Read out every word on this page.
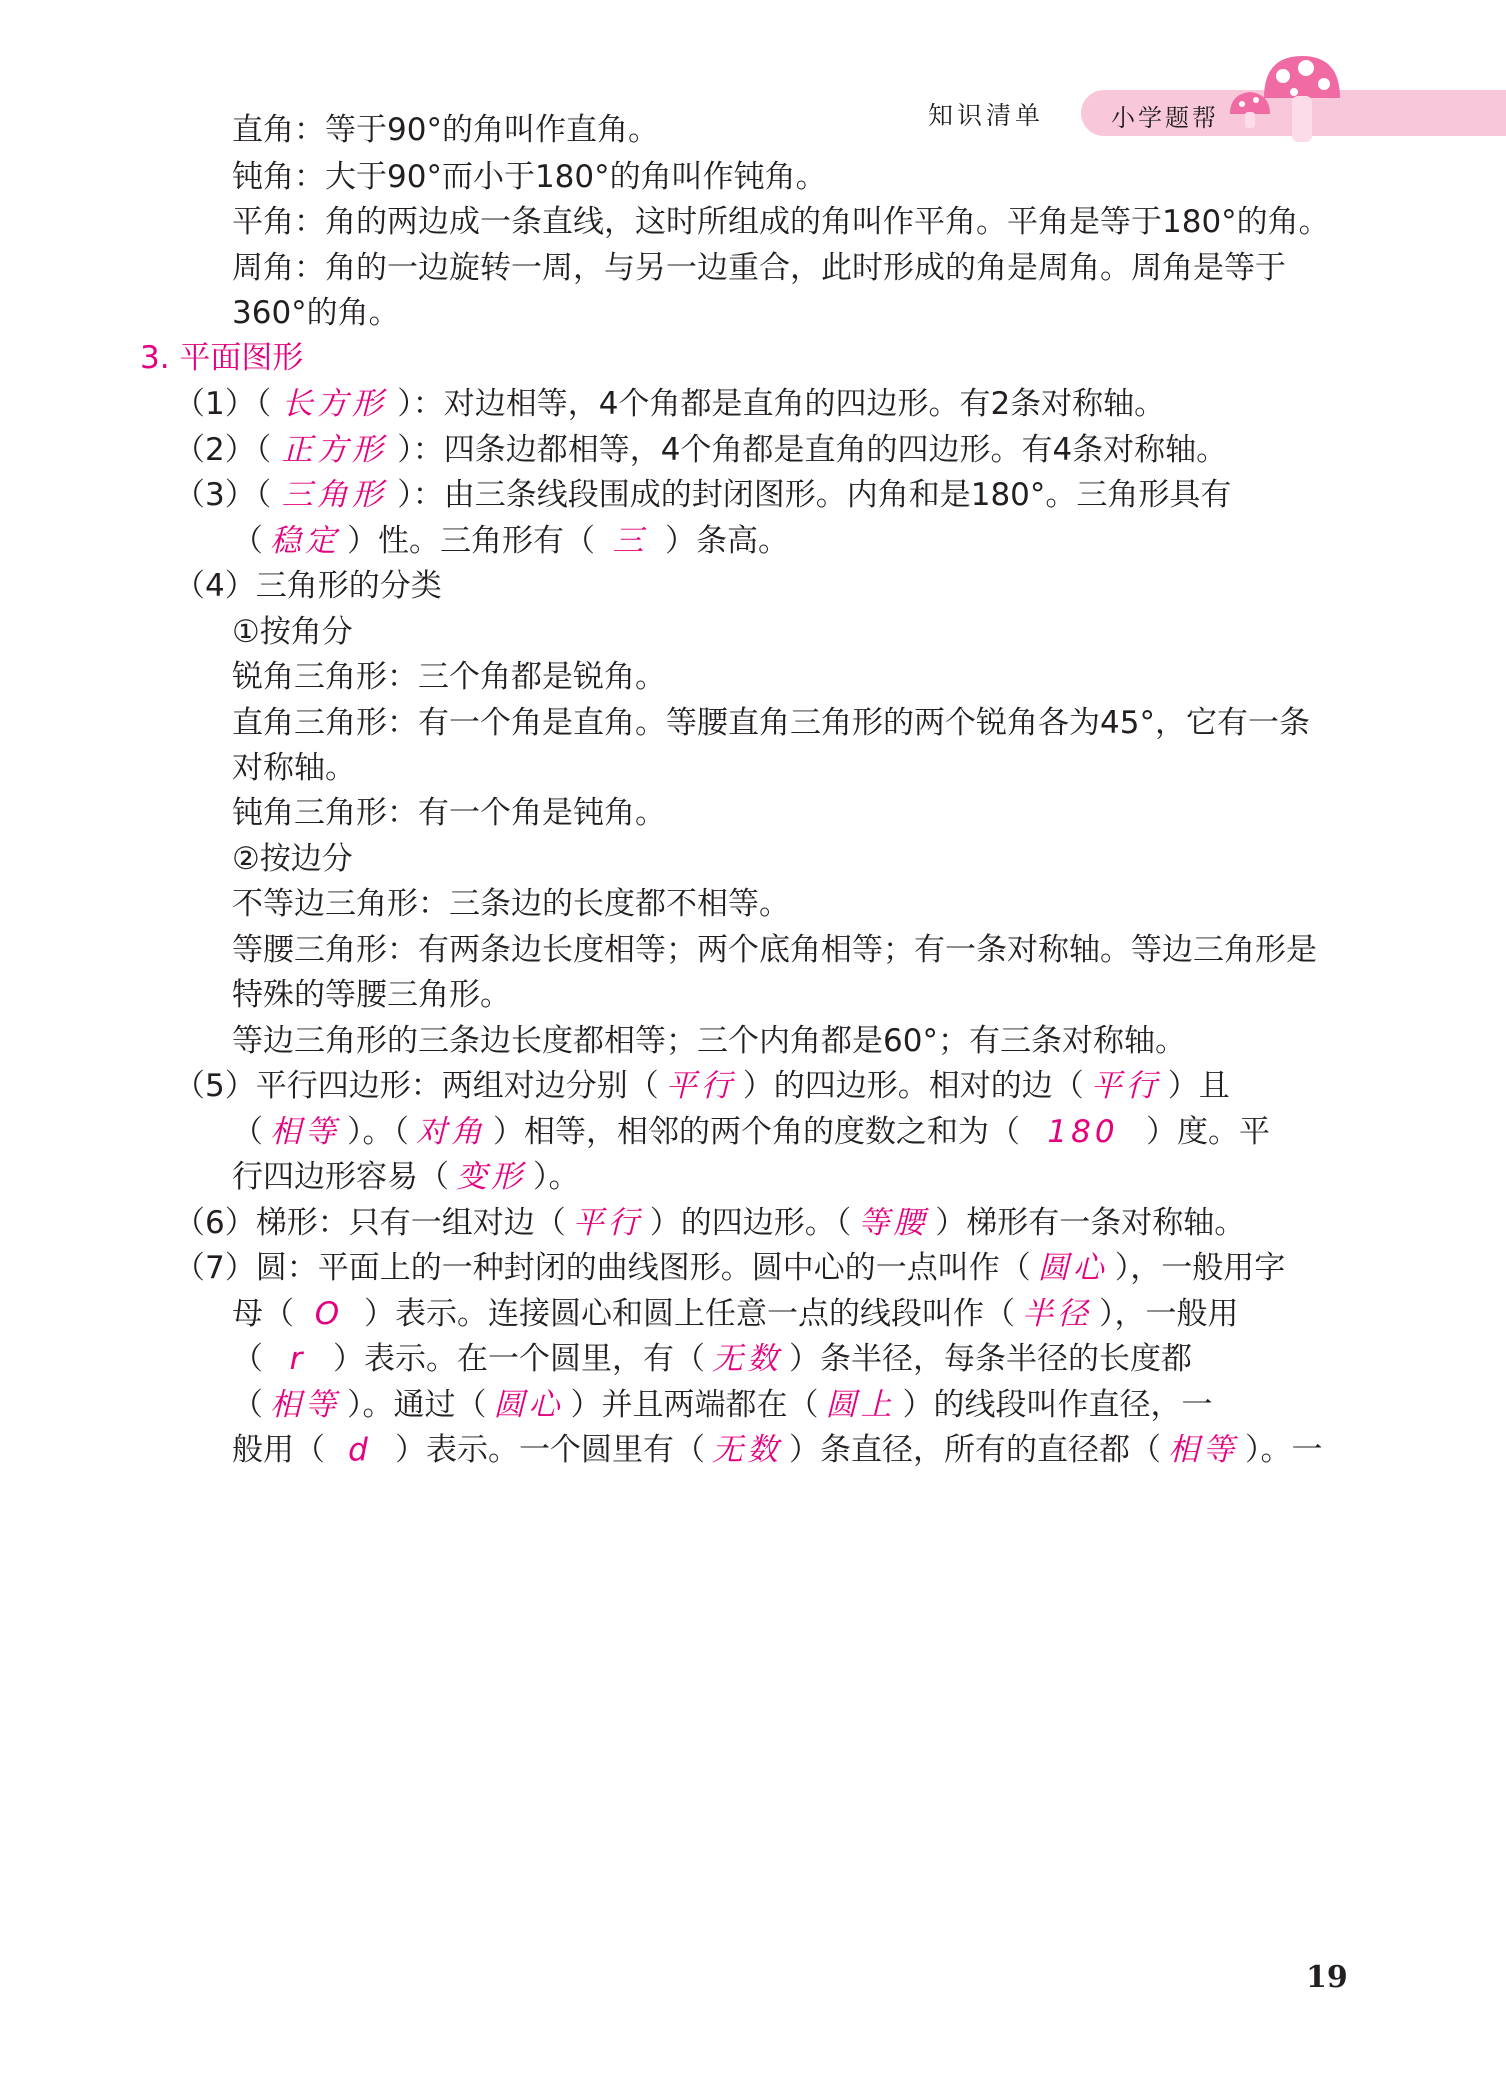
知识清单	小学题帮
直角：等于90°的角叫作直角。
钝角：大于90°而小于180°的角叫作钝角。
平角：角的两边成一条直线，这时所组成的角叫作平角。平角是等于180°的角。
周角：角的一边旋转一周，与另一边重合，此时形成的角是周角。周角是等于
360°的角。
3. 平面图形
（1）（ 长方形 ）：对边相等，4个角都是直角的四边形。有2条对称轴。
（2）（ 正方形 ）：四条边都相等，4个角都是直角的四边形。有4条对称轴。
（3）（ 三角形 ）：由三条线段围成的封闭图形。内角和是180°。三角形具有
（ 稳定 ）性。三角形有（ 三 ）条高。
（4）三角形的分类
①按角分
锐角三角形：三个角都是锐角。
直角三角形：有一个角是直角。等腰直角三角形的两个锐角各为45°，它有一条
对称轴。
钝角三角形：有一个角是钝角。
②按边分
不等边三角形：三条边的长度都不相等。
等腰三角形：有两条边长度相等；两个底角相等；有一条对称轴。等边三角形是
特殊的等腰三角形。
等边三角形的三条边长度都相等；三个内角都是60°；有三条对称轴。
（5）平行四边形：两组对边分别（ 平行 ）的四边形。相对的边（ 平行 ）且
（ 相等 ）。（ 对角 ）相等，相邻的两个角的度数之和为（ 180 ）度。平
行四边形容易（ 变形 ）。
（6）梯形：只有一组对边（ 平行 ）的四边形。（ 等腰 ）梯形有一条对称轴。
（7）圆：平面上的一种封闭的曲线图形。圆中心的一点叫作（ 圆心 ），一般用字
母（ O ）表示。连接圆心和圆上任意一点的线段叫作（ 半径 ），一般用
（ r ）表示。在一个圆里，有（ 无数 ）条半径，每条半径的长度都
（ 相等 ）。通过（ 圆心 ）并且两端都在（ 圆上 ）的线段叫作直径，一
般用（ d ）表示。一个圆里有（ 无数 ）条直径，所有的直径都（ 相等 ）。一
19
